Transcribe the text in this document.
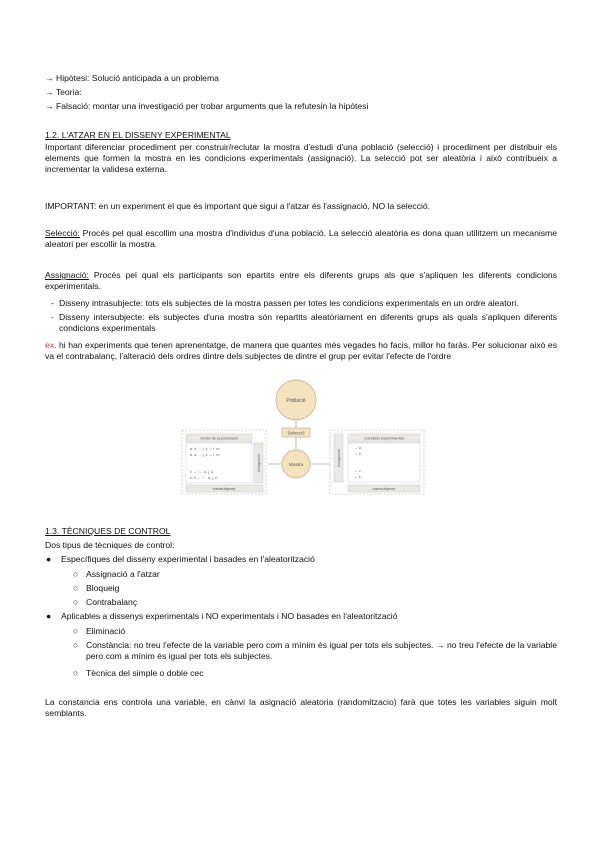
→ Hipòtesi: Solució anticipada a un problema
→ Teoria:
→ Falsació: montar una investigació per trobar arguments que la refutesin la hipòtesi
1.2. L'ATZAR EN EL DISSENY EXPERIMENTAL
Important diferenciar procediment per construir/reclutar la mostra d'estudi d'una població (selecció) i procediment per distribuir els elements que formen la mostra en les condicions experimentals (assignació). La selecció pot ser aleatòria i això contribueix a incrementar la validesa externa.
IMPORTANT: en un experiment el que és important que sigui a l'atzar és l'assignació, NO la selecció.
Selecció: Procés pel qual escollim una mostra d'individus d'una població. La selecció aleatòria es dona quan utilitzem un mecanisme aleatori per escollir la mostra.
Assignació: Procés pel qual els participants son epartits entre els diferents grups als que s'apliquen les diferents condicions experimentals.
- Disseny intrasubjecte: tots els subjectes de la mostra passen per totes les condicions experimentals en un ordre aleatori.
- Disseny intersubjecte: els subjectes d'una mostra són repartits aleatòriament en diferents grups als quals s'apliquen diferents condicions experimentals
ex. hi han experiments que tenen aprenentatge, de manera que quantes més vegades ho facis, millor ho faràs. Per solucionar això es va el contrabalanç, l'alteració dels ordres dintre dels subjectes de dintre el grup per evitar l'efecte de l'ordre
Població
Selecció
Mostra
Ordre de presentació
a, b, ... j, k → l, m
b, a, ... j, k → l, m
k → l ... a, j, b
k, b → l ... a, j, b
Assignació
Intrasubjecte
Assignació
Condició experimental
→ a
→ b
→ c
→ k
Intersubjecte
1.3. TÈCNIQUES DE CONTROL
Dos tipus de tècniques de control:
● Específiques del disseny experimental i basades en l'aleatorització
○ Assignació a l'atzar
○ Bloqueig
○ Contrabalanç
● Aplicables a dissenys experimentals i NO experimentals i NO basades en l'aleatorització
○ Eliminació
○ Constància: no treu l'efecte de la variable pero com a mínim és igual per tots els subjectes. → no treu l'efecte de la variable pero com a mínim és igual per tots els subjectes.
○ Tècnica del simple o doble cec
La constancia ens controla una variable, en cànvi la asignació aleatoria (randomitzacio) farà que totes les variables siguin molt semblants.
